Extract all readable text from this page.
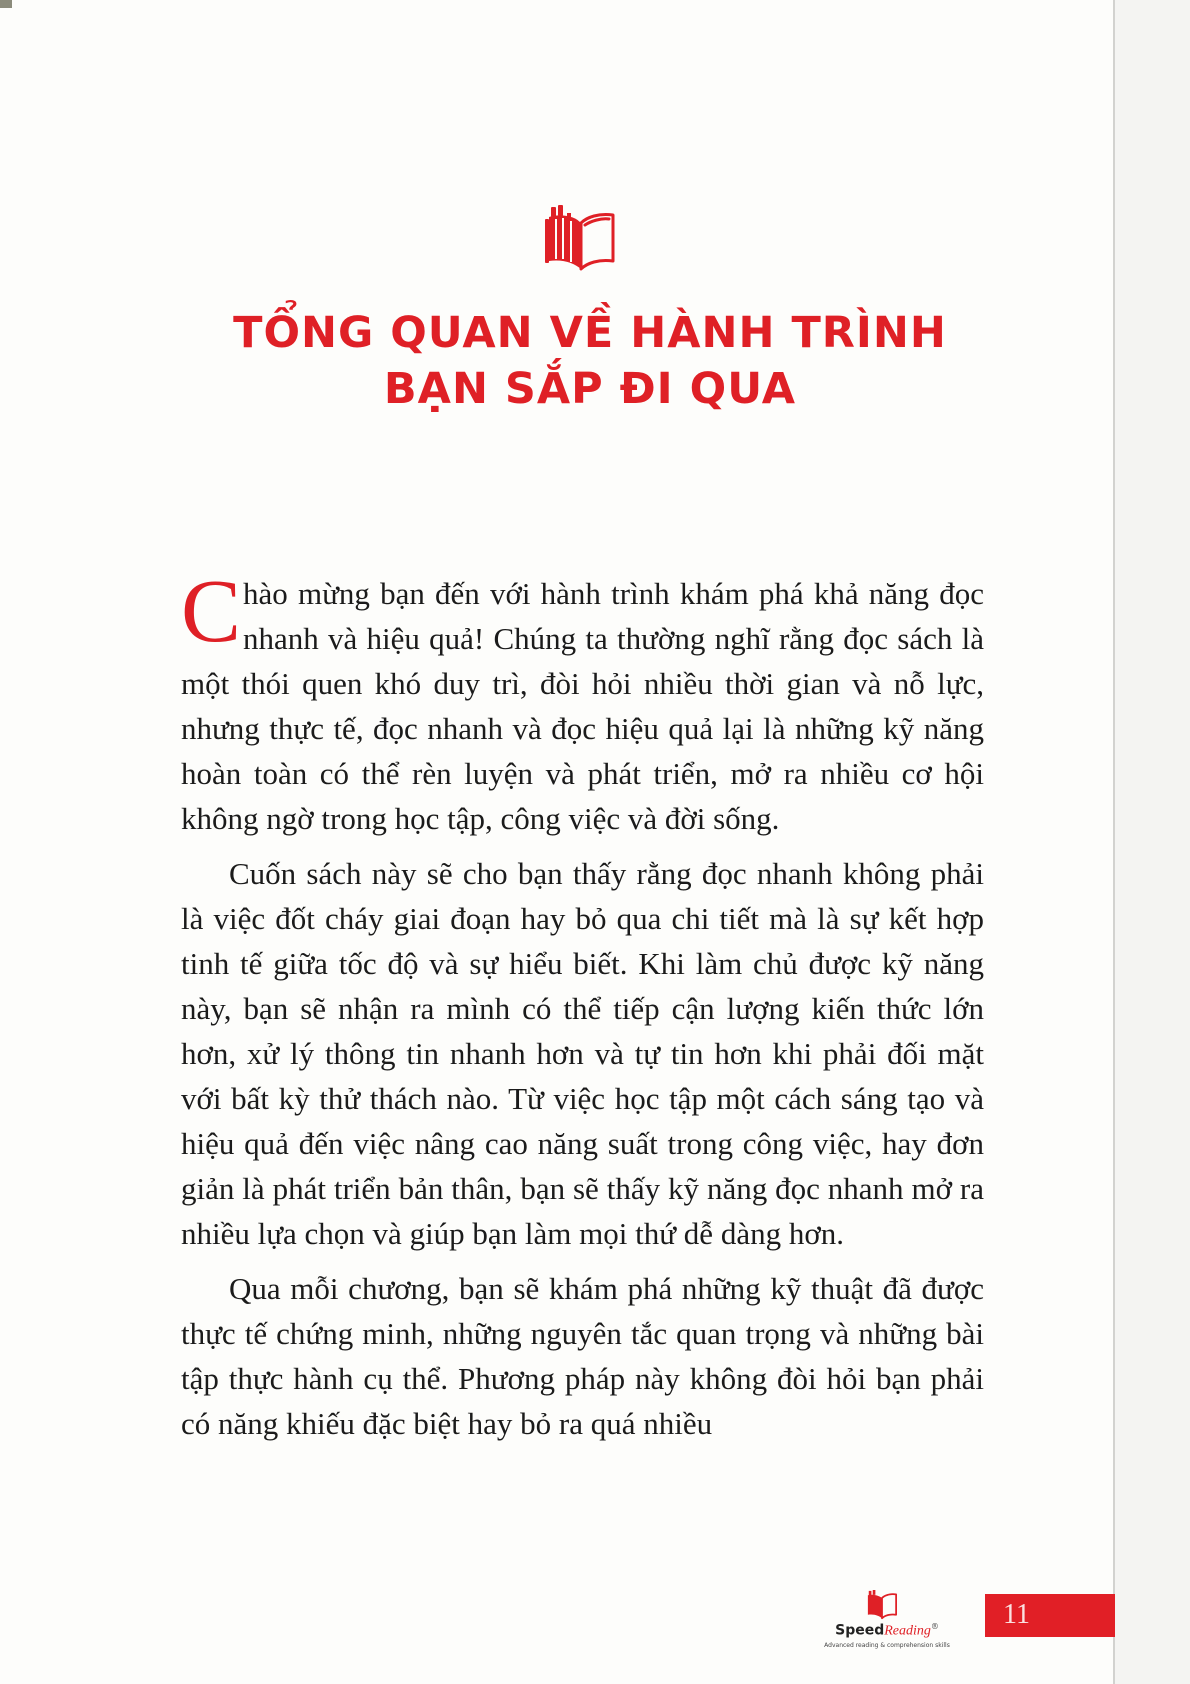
TỔNG QUAN VỀ HÀNH TRÌNH
BẠN SẮP ĐI QUA

Chào mừng bạn đến với hành trình khám phá khả năng đọc nhanh và hiệu quả! Chúng ta thường nghĩ rằng đọc sách là một thói quen khó duy trì, đòi hỏi nhiều thời gian và nỗ lực, nhưng thực tế, đọc nhanh và đọc hiệu quả lại là những kỹ năng hoàn toàn có thể rèn luyện và phát triển, mở ra nhiều cơ hội không ngờ trong học tập, công việc và đời sống.

Cuốn sách này sẽ cho bạn thấy rằng đọc nhanh không phải là việc đốt cháy giai đoạn hay bỏ qua chi tiết mà là sự kết hợp tinh tế giữa tốc độ và sự hiểu biết. Khi làm chủ được kỹ năng này, bạn sẽ nhận ra mình có thể tiếp cận lượng kiến thức lớn hơn, xử lý thông tin nhanh hơn và tự tin hơn khi phải đối mặt với bất kỳ thử thách nào. Từ việc học tập một cách sáng tạo và hiệu quả đến việc nâng cao năng suất trong công việc, hay đơn giản là phát triển bản thân, bạn sẽ thấy kỹ năng đọc nhanh mở ra nhiều lựa chọn và giúp bạn làm mọi thứ dễ dàng hơn.

Qua mỗi chương, bạn sẽ khám phá những kỹ thuật đã được thực tế chứng minh, những nguyên tắc quan trọng và những bài tập thực hành cụ thể. Phương pháp này không đòi hỏi bạn phải có năng khiếu đặc biệt hay bỏ ra quá nhiều

SpeedReading®
Advanced reading & comprehension skills
11
